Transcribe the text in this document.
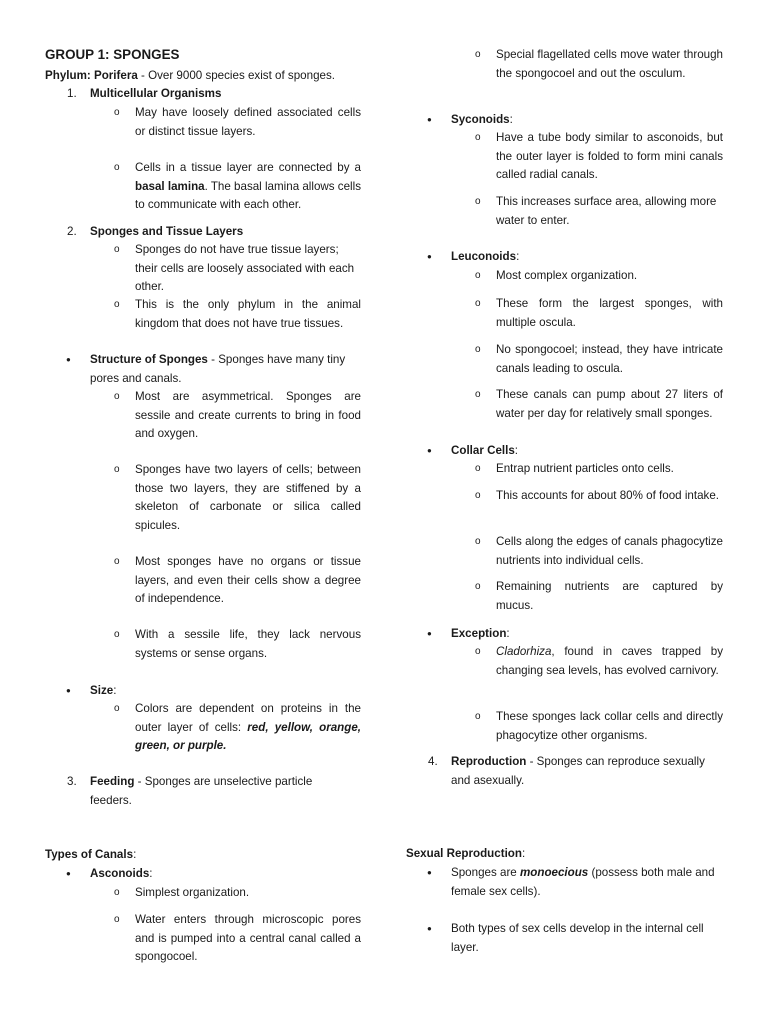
GROUP 1: SPONGES
Phylum: Porifera - Over 9000 species exist of sponges.
1. Multicellular Organisms
o May have loosely defined associated cells or distinct tissue layers.
o Cells in a tissue layer are connected by a basal lamina. The basal lamina allows cells to communicate with each other.
2. Sponges and Tissue Layers
o Sponges do not have true tissue layers; their cells are loosely associated with each other.
o This is the only phylum in the animal kingdom that does not have true tissues.
● Structure of Sponges - Sponges have many tiny pores and canals.
o Most are asymmetrical. Sponges are sessile and create currents to bring in food and oxygen.
o Sponges have two layers of cells; between those two layers, they are stiffened by a skeleton of carbonate or silica called spicules.
o Most sponges have no organs or tissue layers, and even their cells show a degree of independence.
o With a sessile life, they lack nervous systems or sense organs.
● Size:
o Colors are dependent on proteins in the outer layer of cells: red, yellow, orange, green, or purple.
3. Feeding - Sponges are unselective particle feeders.
Types of Canals:
● Asconoids:
o Simplest organization.
o Water enters through microscopic pores and is pumped into a central canal called a spongocoel.
o Special flagellated cells move water through the spongocoel and out the osculum.
● Syconoids:
o Have a tube body similar to asconoids, but the outer layer is folded to form mini canals called radial canals.
o This increases surface area, allowing more water to enter.
● Leuconoids:
o Most complex organization.
o These form the largest sponges, with multiple oscula.
o No spongocoel; instead, they have intricate canals leading to oscula.
o These canals can pump about 27 liters of water per day for relatively small sponges.
● Collar Cells:
o Entrap nutrient particles onto cells.
o This accounts for about 80% of food intake.
o Cells along the edges of canals phagocytize nutrients into individual cells.
o Remaining nutrients are captured by mucus.
● Exception:
o Cladorhiza, found in caves trapped by changing sea levels, has evolved carnivory.
o These sponges lack collar cells and directly phagocytize other organisms.
4. Reproduction - Sponges can reproduce sexually and asexually.
Sexual Reproduction:
● Sponges are monoecious (possess both male and female sex cells).
● Both types of sex cells develop in the internal cell layer.
